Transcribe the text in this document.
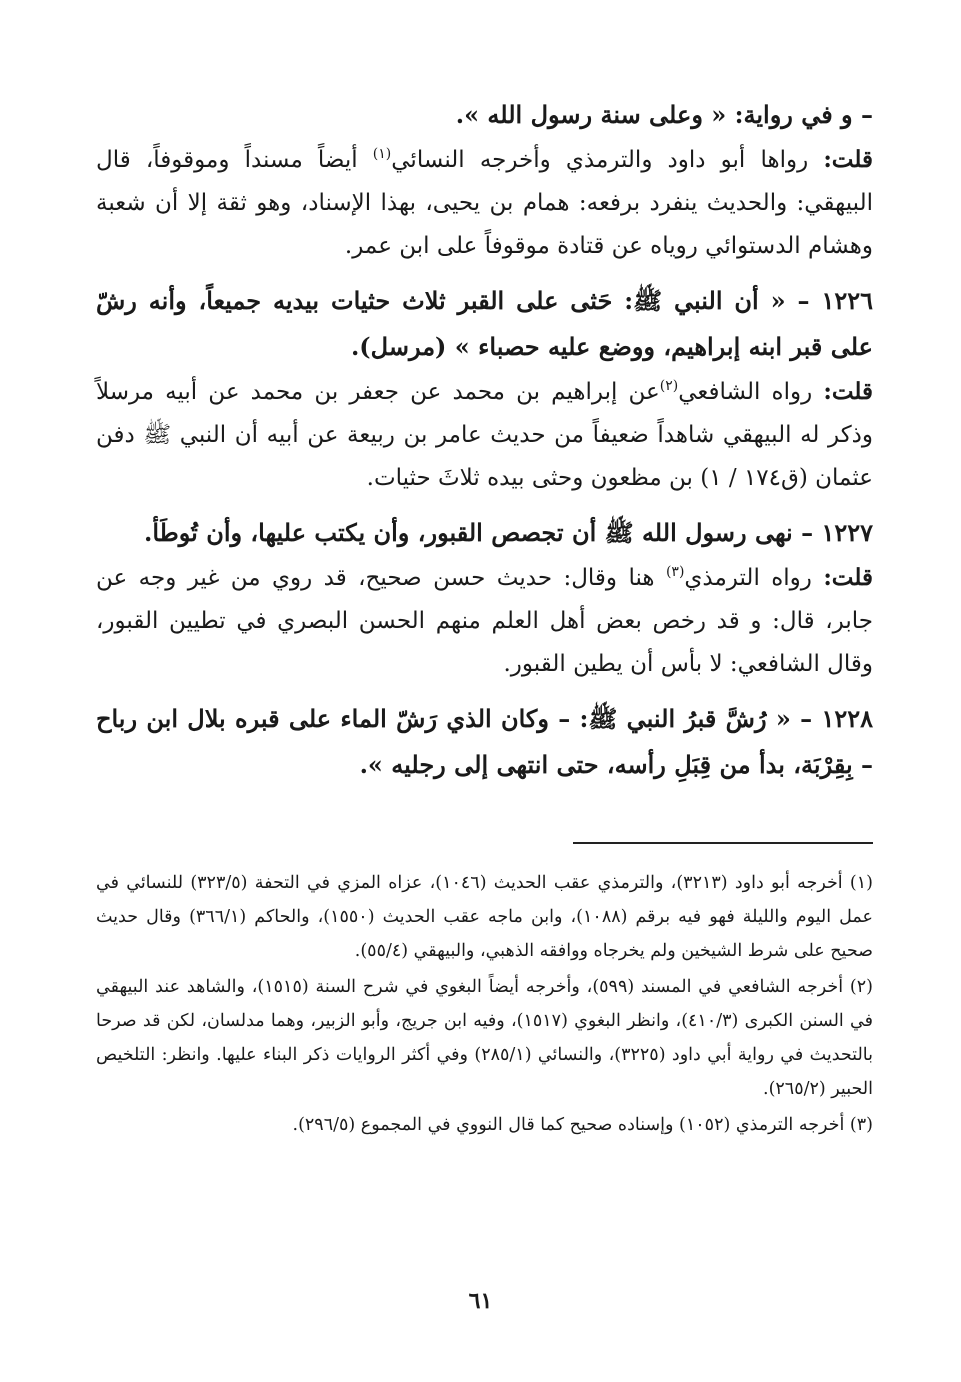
– و في رواية: « وعلى سنة رسول الله ».

قلت: رواها أبو داود والترمذي وأخرجه النسائي$^{(١)}$ أيضاً مسنداً وموقوفاً، قال البيهقي: والحديث ينفرد برفعه: همام بن يحيى، بهذا الإسناد، وهو ثقة إلا أن شعبة وهشام الدستوائي روياه عن قتادة موقوفاً على ابن عمر.

١٢٢٦ – « أن النبي ﷺ: حَثى على القبر ثلاث حثيات بيديه جميعاً، وأنه رشّ على قبر ابنه إبراهيم، ووضع عليه حصباء » (مرسل).

قلت: رواه الشافعي$^{(٢)}$عن إبراهيم بن محمد عن جعفر بن محمد عن أبيه مرسلاً وذكر له البيهقي شاهداً ضعيفاً من حديث عامر بن ربيعة عن أبيه أن النبي ﷺ دفن عثمان (ق١٧٤ / ١) بن مظعون وحثى بيده ثلاثَ حثيات.

١٢٢٧ – نهى رسول الله ﷺ أن تجصص القبور، وأن يكتب عليها، وأن تُوطَأ.

قلت: رواه الترمذي$^{(٣)}$ هنا وقال: حديث حسن صحيح، قد روي من غير وجه عن جابر، قال: و قد رخص بعض أهل العلم منهم الحسن البصري في تطيين القبور، وقال الشافعي: لا بأس أن يطين القبور.

١٢٢٨ – « رُشَّ قبرُ النبي ﷺ: – وكان الذي رَشّ الماء على قبره بلال ابن رباح – بِقِرْبَة، بدأ من قِبَلِ رأسه، حتى انتهى إلى رجليه ».

(١) أخرجه أبو داود (٣٢١٣)، والترمذي عقب الحديث (١٠٤٦)، عزاه المزي في التحفة (٣٢٣/٥) للنسائي في عمل اليوم والليلة فهو فيه برقم (١٠٨٨)، وابن ماجه عقب الحديث (١٥٥٠)، والحاكم (٣٦٦/١) وقال حديث صحيح على شرط الشيخين ولم يخرجاه ووافقه الذهبي، والبيهقي (٥٥/٤).

(٢) أخرجه الشافعي في المسند (٥٩٩)، وأخرجه أيضاً البغوي في شرح السنة (١٥١٥)، والشاهد عند البيهقي في السنن الكبرى (٤١٠/٣)، وانظر البغوي (١٥١٧)، وفيه ابن جريج، وأبو الزبير، وهما مدلسان، لكن قد صرحا بالتحديث في رواية أبي داود (٣٢٢٥)، والنسائي (٢٨٥/١) وفي أكثر الروايات ذكر البناء عليها. وانظر: التلخيص الحبير (٢٦٥/٢).

(٣) أخرجه الترمذي (١٠٥٢) وإسناده صحيح كما قال النووي في المجموع (٢٩٦/٥).

٦١
